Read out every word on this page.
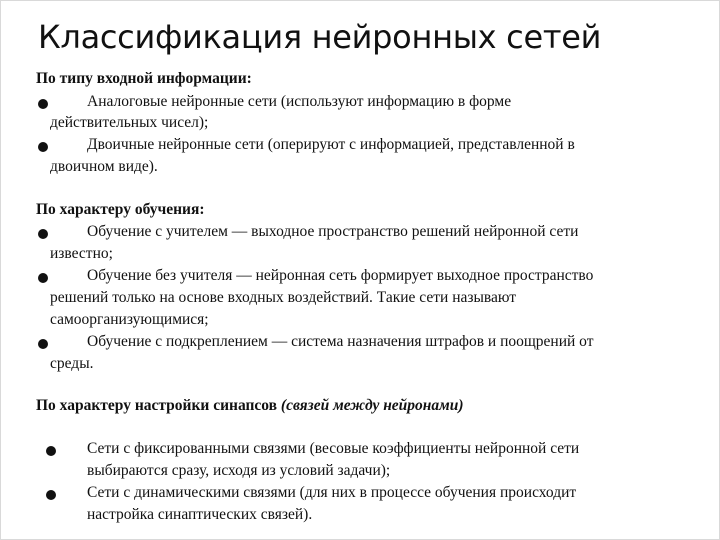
Классификация нейронных сетей
По типу входной информации:
Аналоговые нейронные сети (используют информацию в форме
действительных чисел);
Двоичные нейронные сети (оперируют с информацией, представленной в
двоичном виде).
По характеру обучения:
Обучение с учителем — выходное пространство решений нейронной сети
известно;
Обучение без учителя — нейронная сеть формирует выходное пространство
решений только на основе входных воздействий. Такие сети называют
самоорганизующимися;
Обучение с подкреплением — система назначения штрафов и поощрений от
среды.
По характеру настройки синапсов (связей между нейронами)
Сети с фиксированными связями (весовые коэффициенты нейронной сети
выбираются сразу, исходя из условий задачи);
Сети с динамическими связями (для них в процессе обучения происходит
настройка синаптических связей).
